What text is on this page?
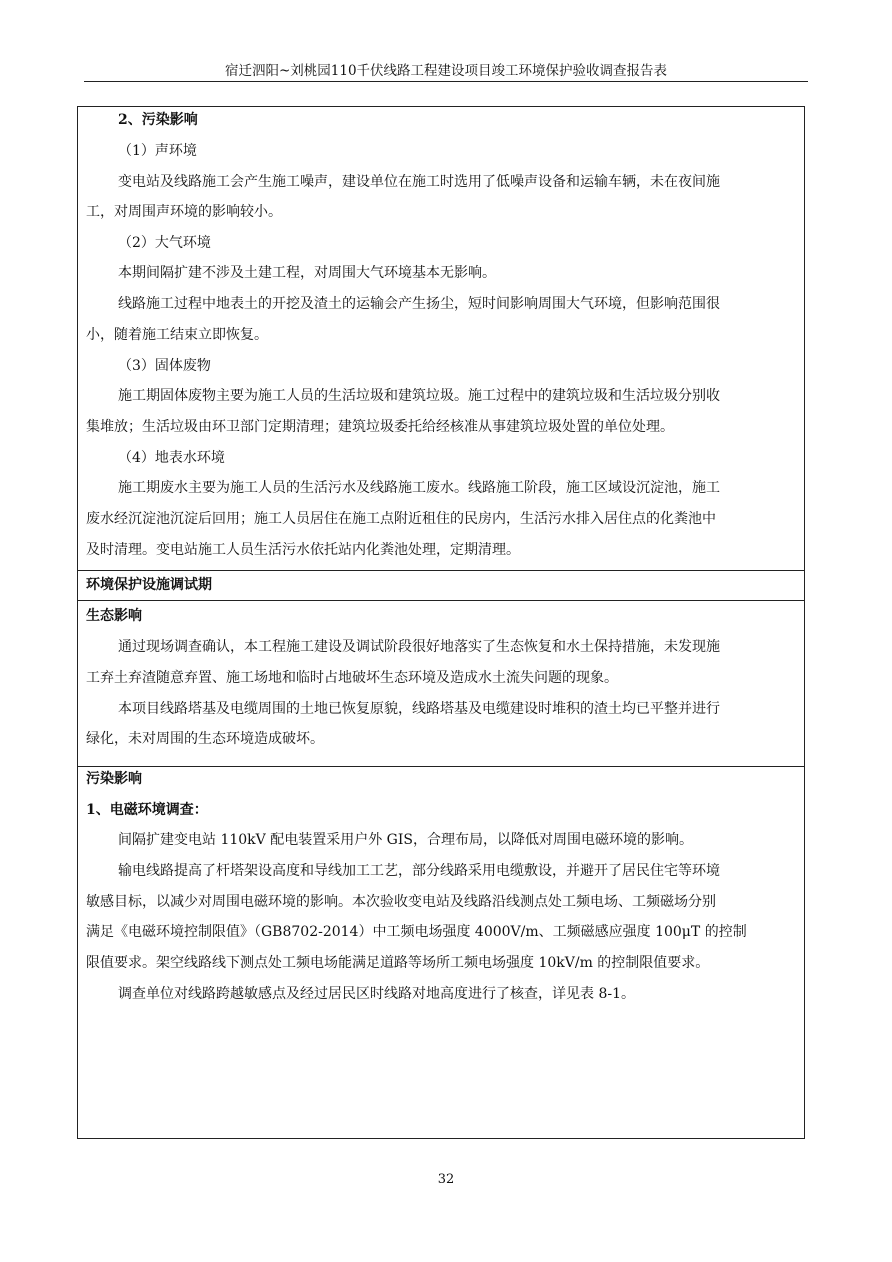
宿迁泗阳~刘桃园110千伏线路工程建设项目竣工环境保护验收调查报告表
2、污染影响
（1）声环境
变电站及线路施工会产生施工噪声，建设单位在施工时选用了低噪声设备和运输车辆，未在夜间施
工，对周围声环境的影响较小。
（2）大气环境
本期间隔扩建不涉及土建工程，对周围大气环境基本无影响。
线路施工过程中地表土的开挖及渣土的运输会产生扬尘，短时间影响周围大气环境，但影响范围很
小，随着施工结束立即恢复。
（3）固体废物
施工期固体废物主要为施工人员的生活垃圾和建筑垃圾。施工过程中的建筑垃圾和生活垃圾分别收
集堆放；生活垃圾由环卫部门定期清理；建筑垃圾委托给经核准从事建筑垃圾处置的单位处理。
（4）地表水环境
施工期废水主要为施工人员的生活污水及线路施工废水。线路施工阶段，施工区域设沉淀池，施工
废水经沉淀池沉淀后回用；施工人员居住在施工点附近租住的民房内，生活污水排入居住点的化粪池中
及时清理。变电站施工人员生活污水依托站内化粪池处理，定期清理。
环境保护设施调试期
生态影响
通过现场调查确认，本工程施工建设及调试阶段很好地落实了生态恢复和水土保持措施，未发现施
工弃土弃渣随意弃置、施工场地和临时占地破坏生态环境及造成水土流失问题的现象。
本项目线路塔基及电缆周围的土地已恢复原貌，线路塔基及电缆建设时堆积的渣土均已平整并进行
绿化，未对周围的生态环境造成破坏。
污染影响
1、电磁环境调查：
间隔扩建变电站 110kV 配电装置采用户外 GIS，合理布局，以降低对周围电磁环境的影响。
输电线路提高了杆塔架设高度和导线加工工艺，部分线路采用电缆敷设，并避开了居民住宅等环境
敏感目标，以减少对周围电磁环境的影响。本次验收变电站及线路沿线测点处工频电场、工频磁场分别
满足《电磁环境控制限值》（GB8702-2014）中工频电场强度 4000V/m、工频磁感应强度 100μT 的控制
限值要求。架空线路线下测点处工频电场能满足道路等场所工频电场强度 10kV/m 的控制限值要求。
调查单位对线路跨越敏感点及经过居民区时线路对地高度进行了核查，详见表 8-1。
32
